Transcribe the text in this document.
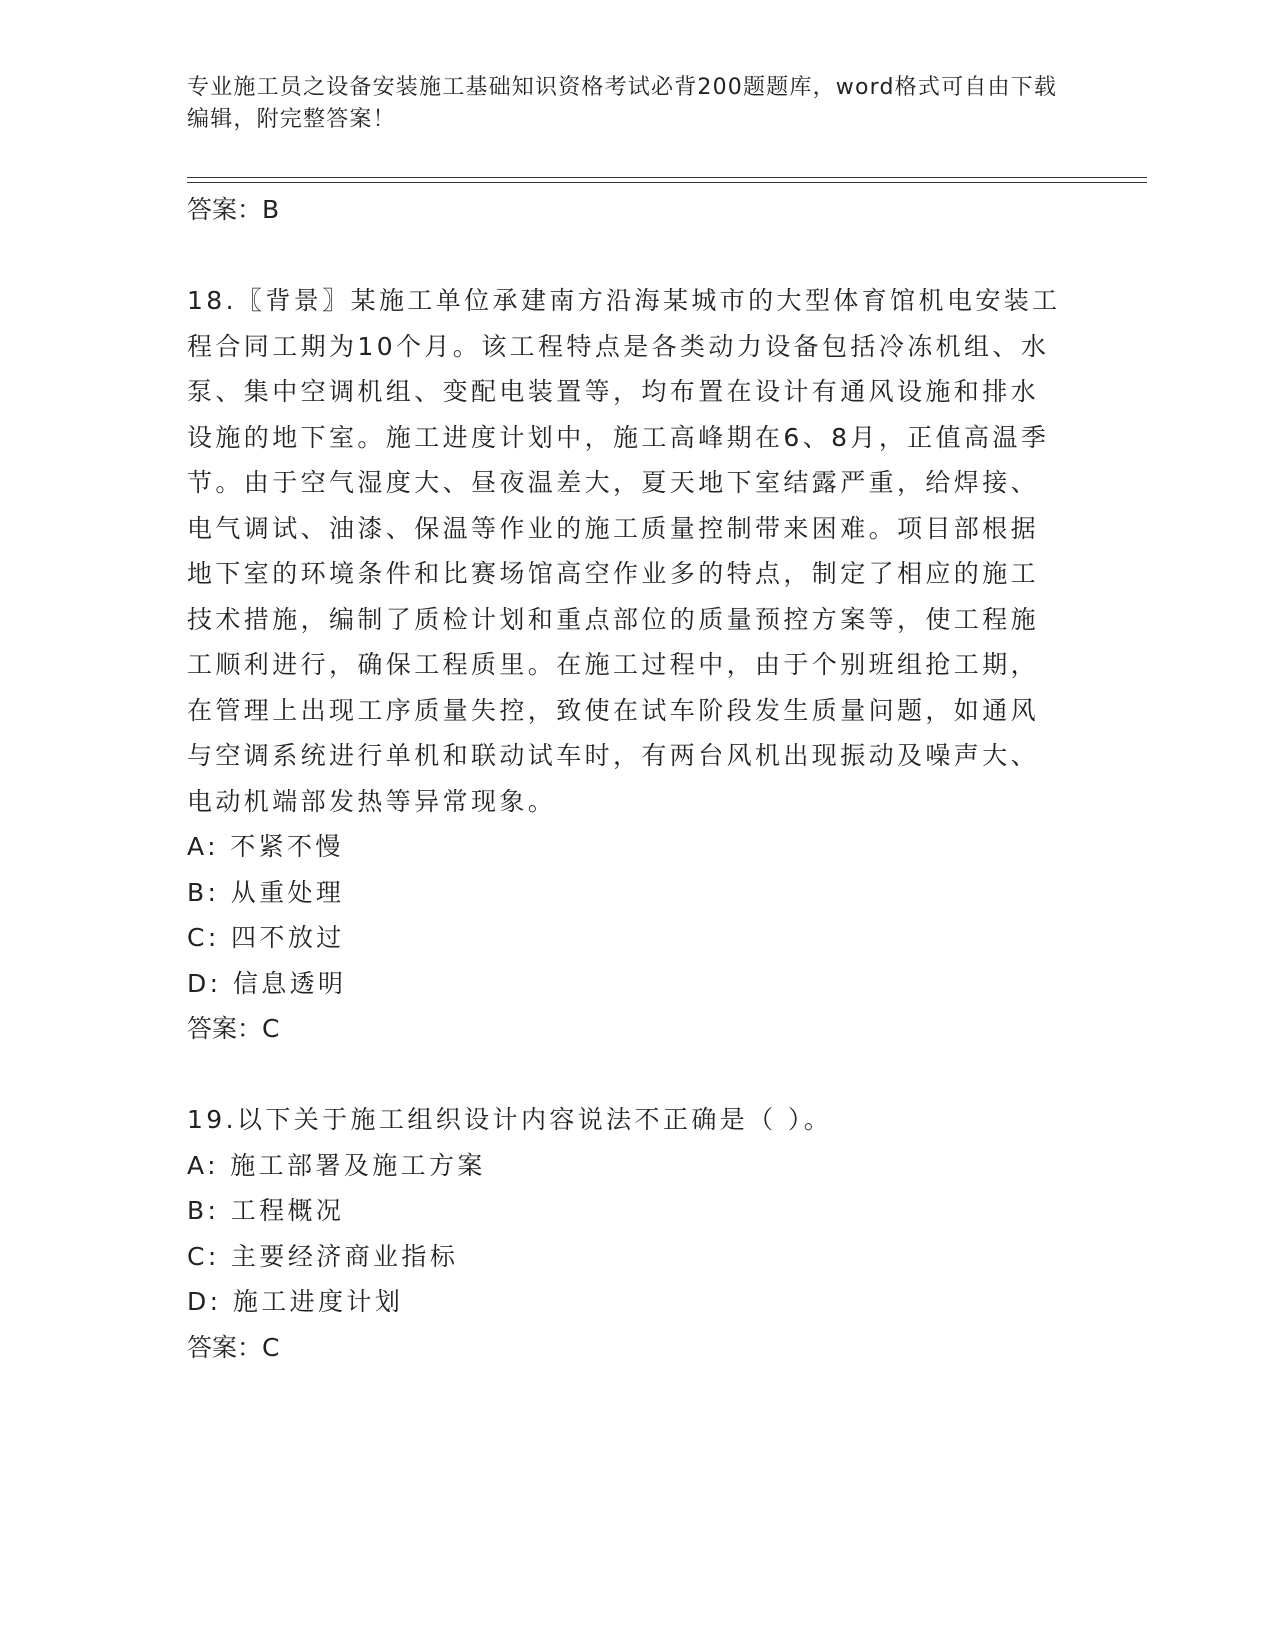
专业施工员之设备安装施工基础知识资格考试必背200题题库，word格式可自由下载编辑，附完整答案！
答案：B
18.〖背景〗某施工单位承建南方沿海某城市的大型体育馆机电安装工
程合同工期为10个月。该工程特点是各类动力设备包括冷冻机组、水
泵、集中空调机组、变配电装置等，均布置在设计有通风设施和排水
设施的地下室。施工进度计划中，施工高峰期在6、8月，正值高温季
节。由于空气湿度大、昼夜温差大，夏天地下室结露严重，给焊接、
电气调试、油漆、保温等作业的施工质量控制带来困难。项目部根据
地下室的环境条件和比赛场馆高空作业多的特点，制定了相应的施工
技术措施，编制了质检计划和重点部位的质量预控方案等，使工程施
工顺利进行，确保工程质里。在施工过程中，由于个别班组抢工期，
在管理上出现工序质量失控，致使在试车阶段发生质量问题，如通风
与空调系统进行单机和联动试车时，有两台风机出现振动及噪声大、
电动机端部发热等异常现象。
A: 不紧不慢
B: 从重处理
C: 四不放过
D: 信息透明
答案：C
19.以下关于施工组织设计内容说法不正确是（ ）。
A: 施工部署及施工方案
B: 工程概况
C: 主要经济商业指标
D: 施工进度计划
答案：C
